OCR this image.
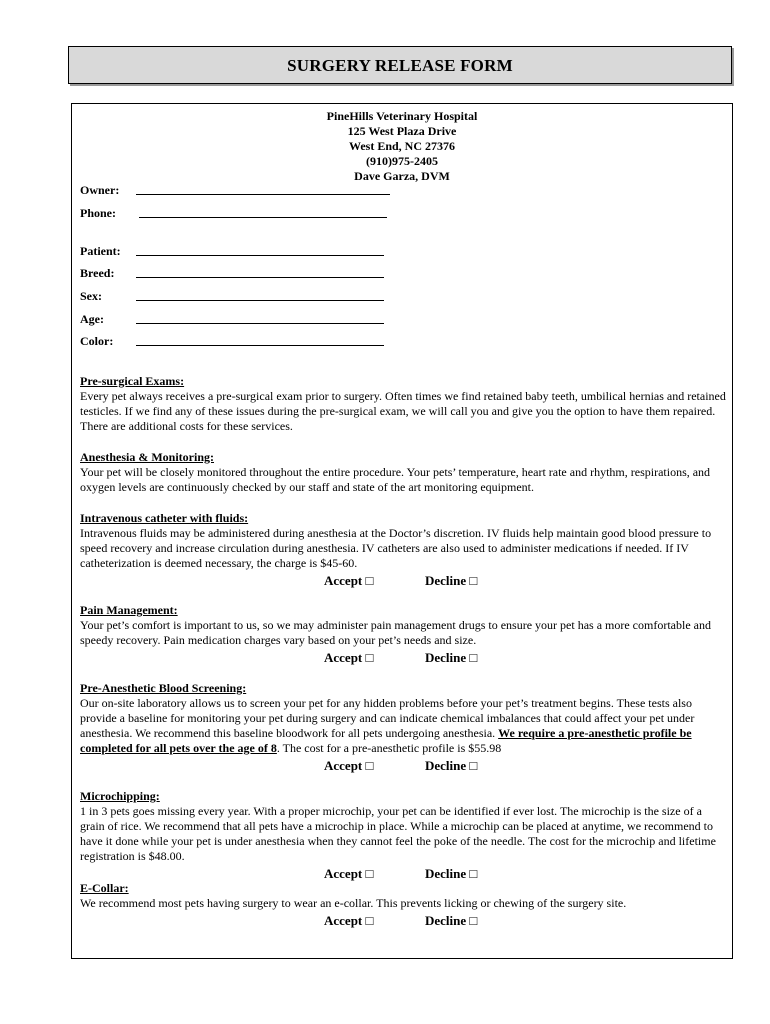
SURGERY RELEASE FORM
PineHills Veterinary Hospital
125 West Plaza Drive
West End, NC 27376
(910)975-2405
Dave Garza, DVM
Owner:
Phone:
Patient:
Breed:
Sex:
Age:
Color:

Pre-surgical Exams:

Every pet always receives a pre-surgical exam prior to surgery. Often times we find retained baby teeth, umbilical hernias and retained testicles. If we find any of these issues during the pre-surgical exam, we will call you and give you the option to have them repaired. There are additional costs for these services.

Anesthesia & Monitoring:

Your pet will be closely monitored throughout the entire procedure. Your pets’ temperature, heart rate and rhythm, respirations, and oxygen levels are continuously checked by our staff and state of the art monitoring equipment.

Intravenous catheter with fluids:

Intravenous fluids may be administered during anesthesia at the Doctor’s discretion. IV fluids help maintain good blood pressure to speed recovery and increase circulation during anesthesia. IV catheters are also used to administer medications if needed. If IV catheterization is deemed necessary, the charge is $45-60.

Accept □	Decline □

Pain Management:

Your pet’s comfort is important to us, so we may administer pain management drugs to ensure your pet has a more comfortable and speedy recovery. Pain medication charges vary based on your pet’s needs and size.

Accept □	Decline □

Pre-Anesthetic Blood Screening:

Our on-site laboratory allows us to screen your pet for any hidden problems before your pet’s treatment begins. These tests also provide a baseline for monitoring your pet during surgery and can indicate chemical imbalances that could affect your pet under anesthesia. We recommend this baseline bloodwork for all pets undergoing anesthesia. We require a pre-anesthetic profile be completed for all pets over the age of 8. The cost for a pre-anesthetic profile is $55.98

Accept □	Decline □

Microchipping:

1 in 3 pets goes missing every year. With a proper microchip, your pet can be identified if ever lost. The microchip is the size of a grain of rice. We recommend that all pets have a microchip in place. While a microchip can be placed at anytime, we recommend to have it done while your pet is under anesthesia when they cannot feel the poke of the needle. The cost for the microchip and lifetime registration is $48.00.

Accept □	Decline □

E-Collar:

We recommend most pets having surgery to wear an e-collar. This prevents licking or chewing of the surgery site.

Accept □	Decline □
